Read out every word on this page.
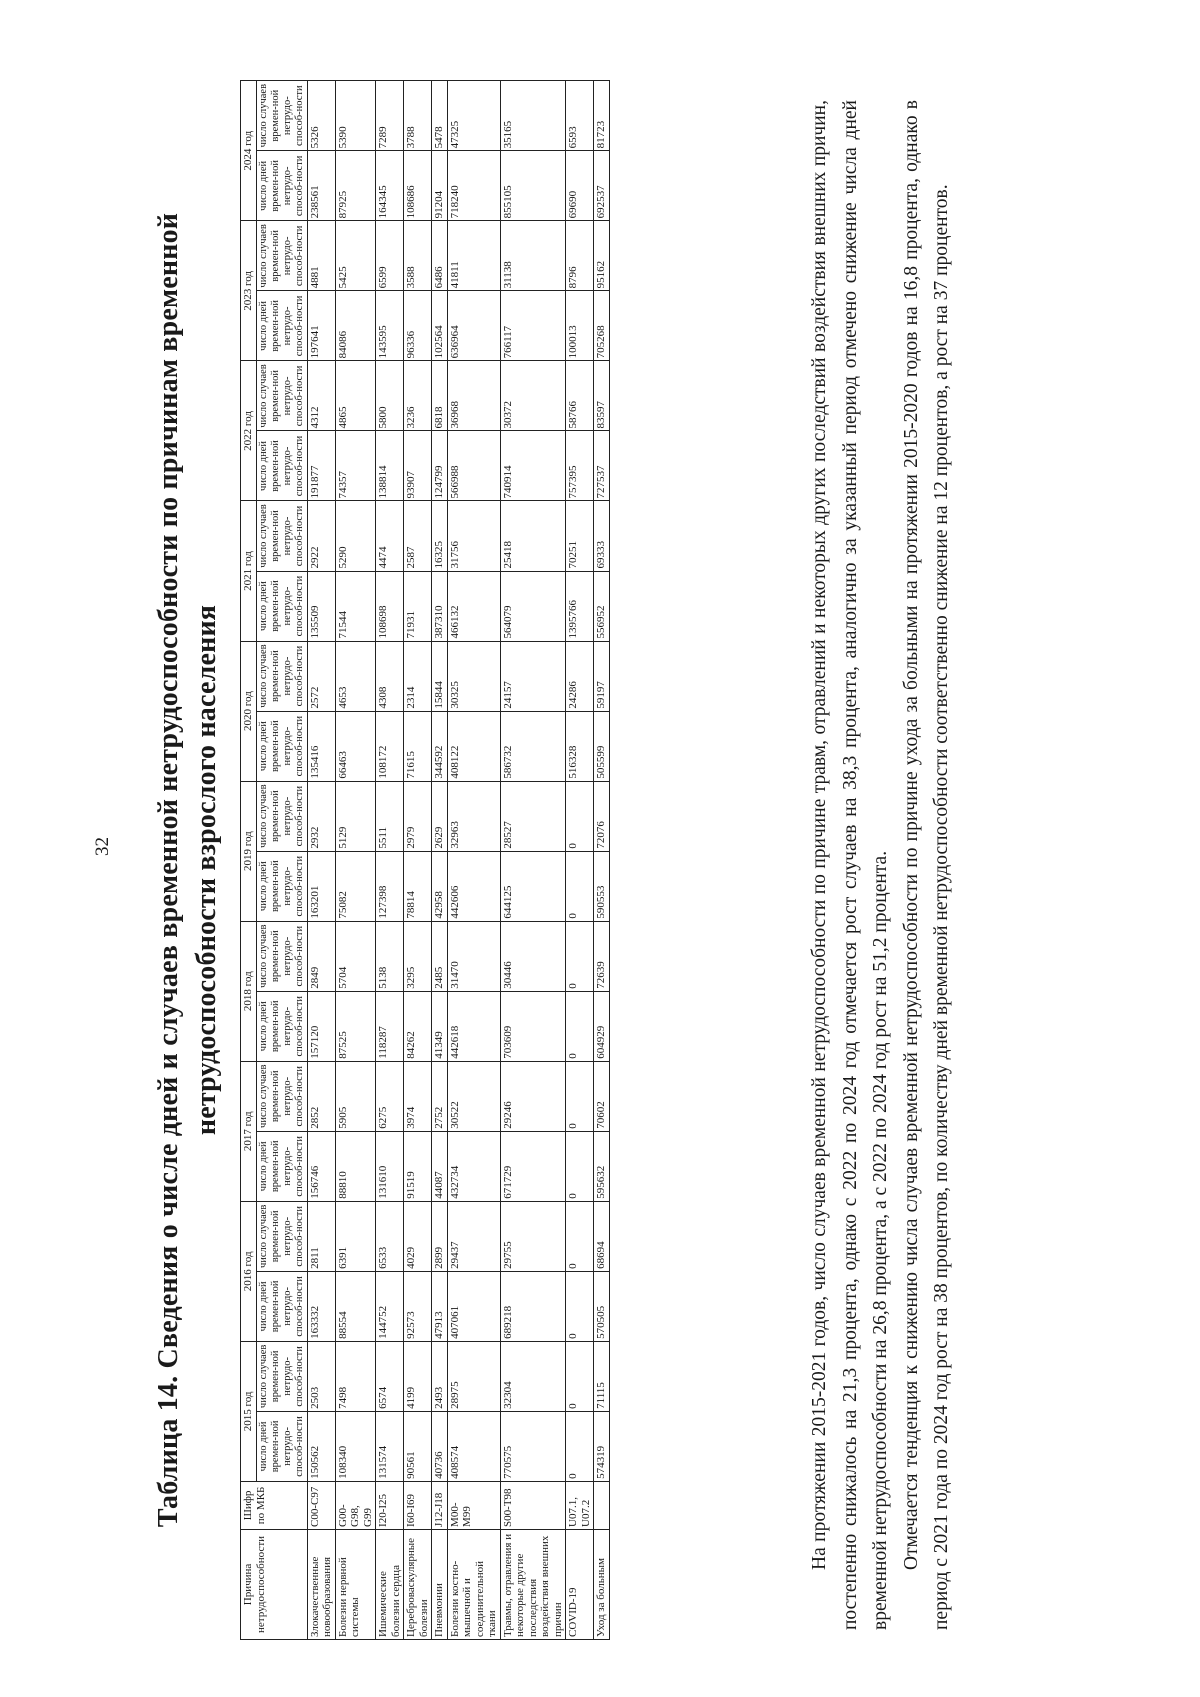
32 Таблица 14. Сведения о числе дней и случаев временной нетрудоспособности по причинам временной нетрудоспособности взрослого населения
Причина нетрудоспособности	Шифр по МКБ	2015 год		2016 год		2017 год		2018 год		2019 год		2020 год		2021 год		2022 год		2023 год		2024 год	
		число дней времен-ной нетрудо-способ-ности	число случаев времен-ной нетрудо-способ-ности	число дней времен-ной нетрудо-способ-ности	число случаев времен-ной нетрудо-способ-ности	число дней времен-ной нетрудо-способ-ности	число случаев времен-ной нетрудо-способ-ности	число дней времен-ной нетрудо-способ-ности	число случаев времен-ной нетрудо-способ-ности	число дней времен-ной нетрудо-способ-ности	число случаев времен-ной нетрудо-способ-ности	число дней времен-ной нетрудо-способ-ности	число случаев времен-ной нетрудо-способ-ности	число дней времен-ной нетрудо-способ-ности	число случаев времен-ной нетрудо-способ-ности	число дней времен-ной нетрудо-способ-ности	число случаев времен-ной нетрудо-способ-ности	число дней времен-ной нетрудо-способ-ности	число случаев времен-ной нетрудо-способ-ности	число дней времен-ной нетрудо-способ-ности	число случаев времен-ной нетрудо-способ-ности
Злокачественные новообразования	C00-C97	150562	2503	163332	2811	156746	2852	157120	2849	163201	2932	135416	2572	135509	2922	191877	4312	197641	4881	238561	5326
Болезни нервной системы	G00-G98, G99	108340	7498	88554	6391	88810	5905	87525	5704	75082	5129	66463	4653	71544	5290	74357	4865	84086	5425	87925	5390
Ишемические болезни сердца	I20-I25	131574	6574	144752	6533	131610	6275	118287	5138	127398	5511	108172	4308	108698	4474	138814	5800	143595	6599	164345	7289
Цереброваскулярные болезни	I60-I69	90561	4199	92573	4029	91519	3974	84262	3295	78814	2979	71615	2314	71931	2587	93907	3236	96336	3588	108686	3788
Пневмонии	J12-J18	40736	2493	47913	2899	44087	2752	41349	2485	42958	2629	344592	15844	387310	16325	124799	6818	102564	6486	91204	5478
Болезни костно-мышечной и соединительной ткани	M00-M99	408574	28975	407061	29437	432734	30522	442618	31470	442606	32963	408122	30325	466132	31756	566988	36968	636964	41811	718240	47325
Травмы, отравления и некоторые другие последствия воздействия внешних причин	S00-T98	770575	32304	689218	29755	671729	29246	703609	30446	644125	28527	586732	24157	564079	25418	740914	30372	766117	31138	855105	35165
COVID-19	U07.1, U07.2	0	0	0	0	0	0	0	0	0	0	516328	24286	1395766	70251	757395	58766	100013	8796	69690	6593
Уход за больным		574319	71115	570505	68694	595632	70602	604929	72639	590553	72076	505599	59197	556952	69333	727537	83597	705268	95162	692537	81723	На протяжении 2015-2021 годов, число случаев временной нетрудоспособности по причине травм, отравлений и некоторых других последствий воздействия внешних причин, постепенно снижалось на 21,3 процента, однако с 2022 по 2024 год отмечается рост случаев на 38,3 процента, аналогично за указанный период отмечено снижение числа дней временной нетрудоспособности на 26,8 процента, а с 2022 по 2024 год рост на 51,2 процента. Отмечается тенденция к снижению числа случаев временной нетрудоспособности по причине ухода за больными на протяжении 2015-2020 годов на 16,8 процента, однако в период с 2021 года по 2024 год рост на 38 процентов, по количеству дней временной нетрудоспособности соответственно снижение на 12 процентов, а рост на 37 процентов.
